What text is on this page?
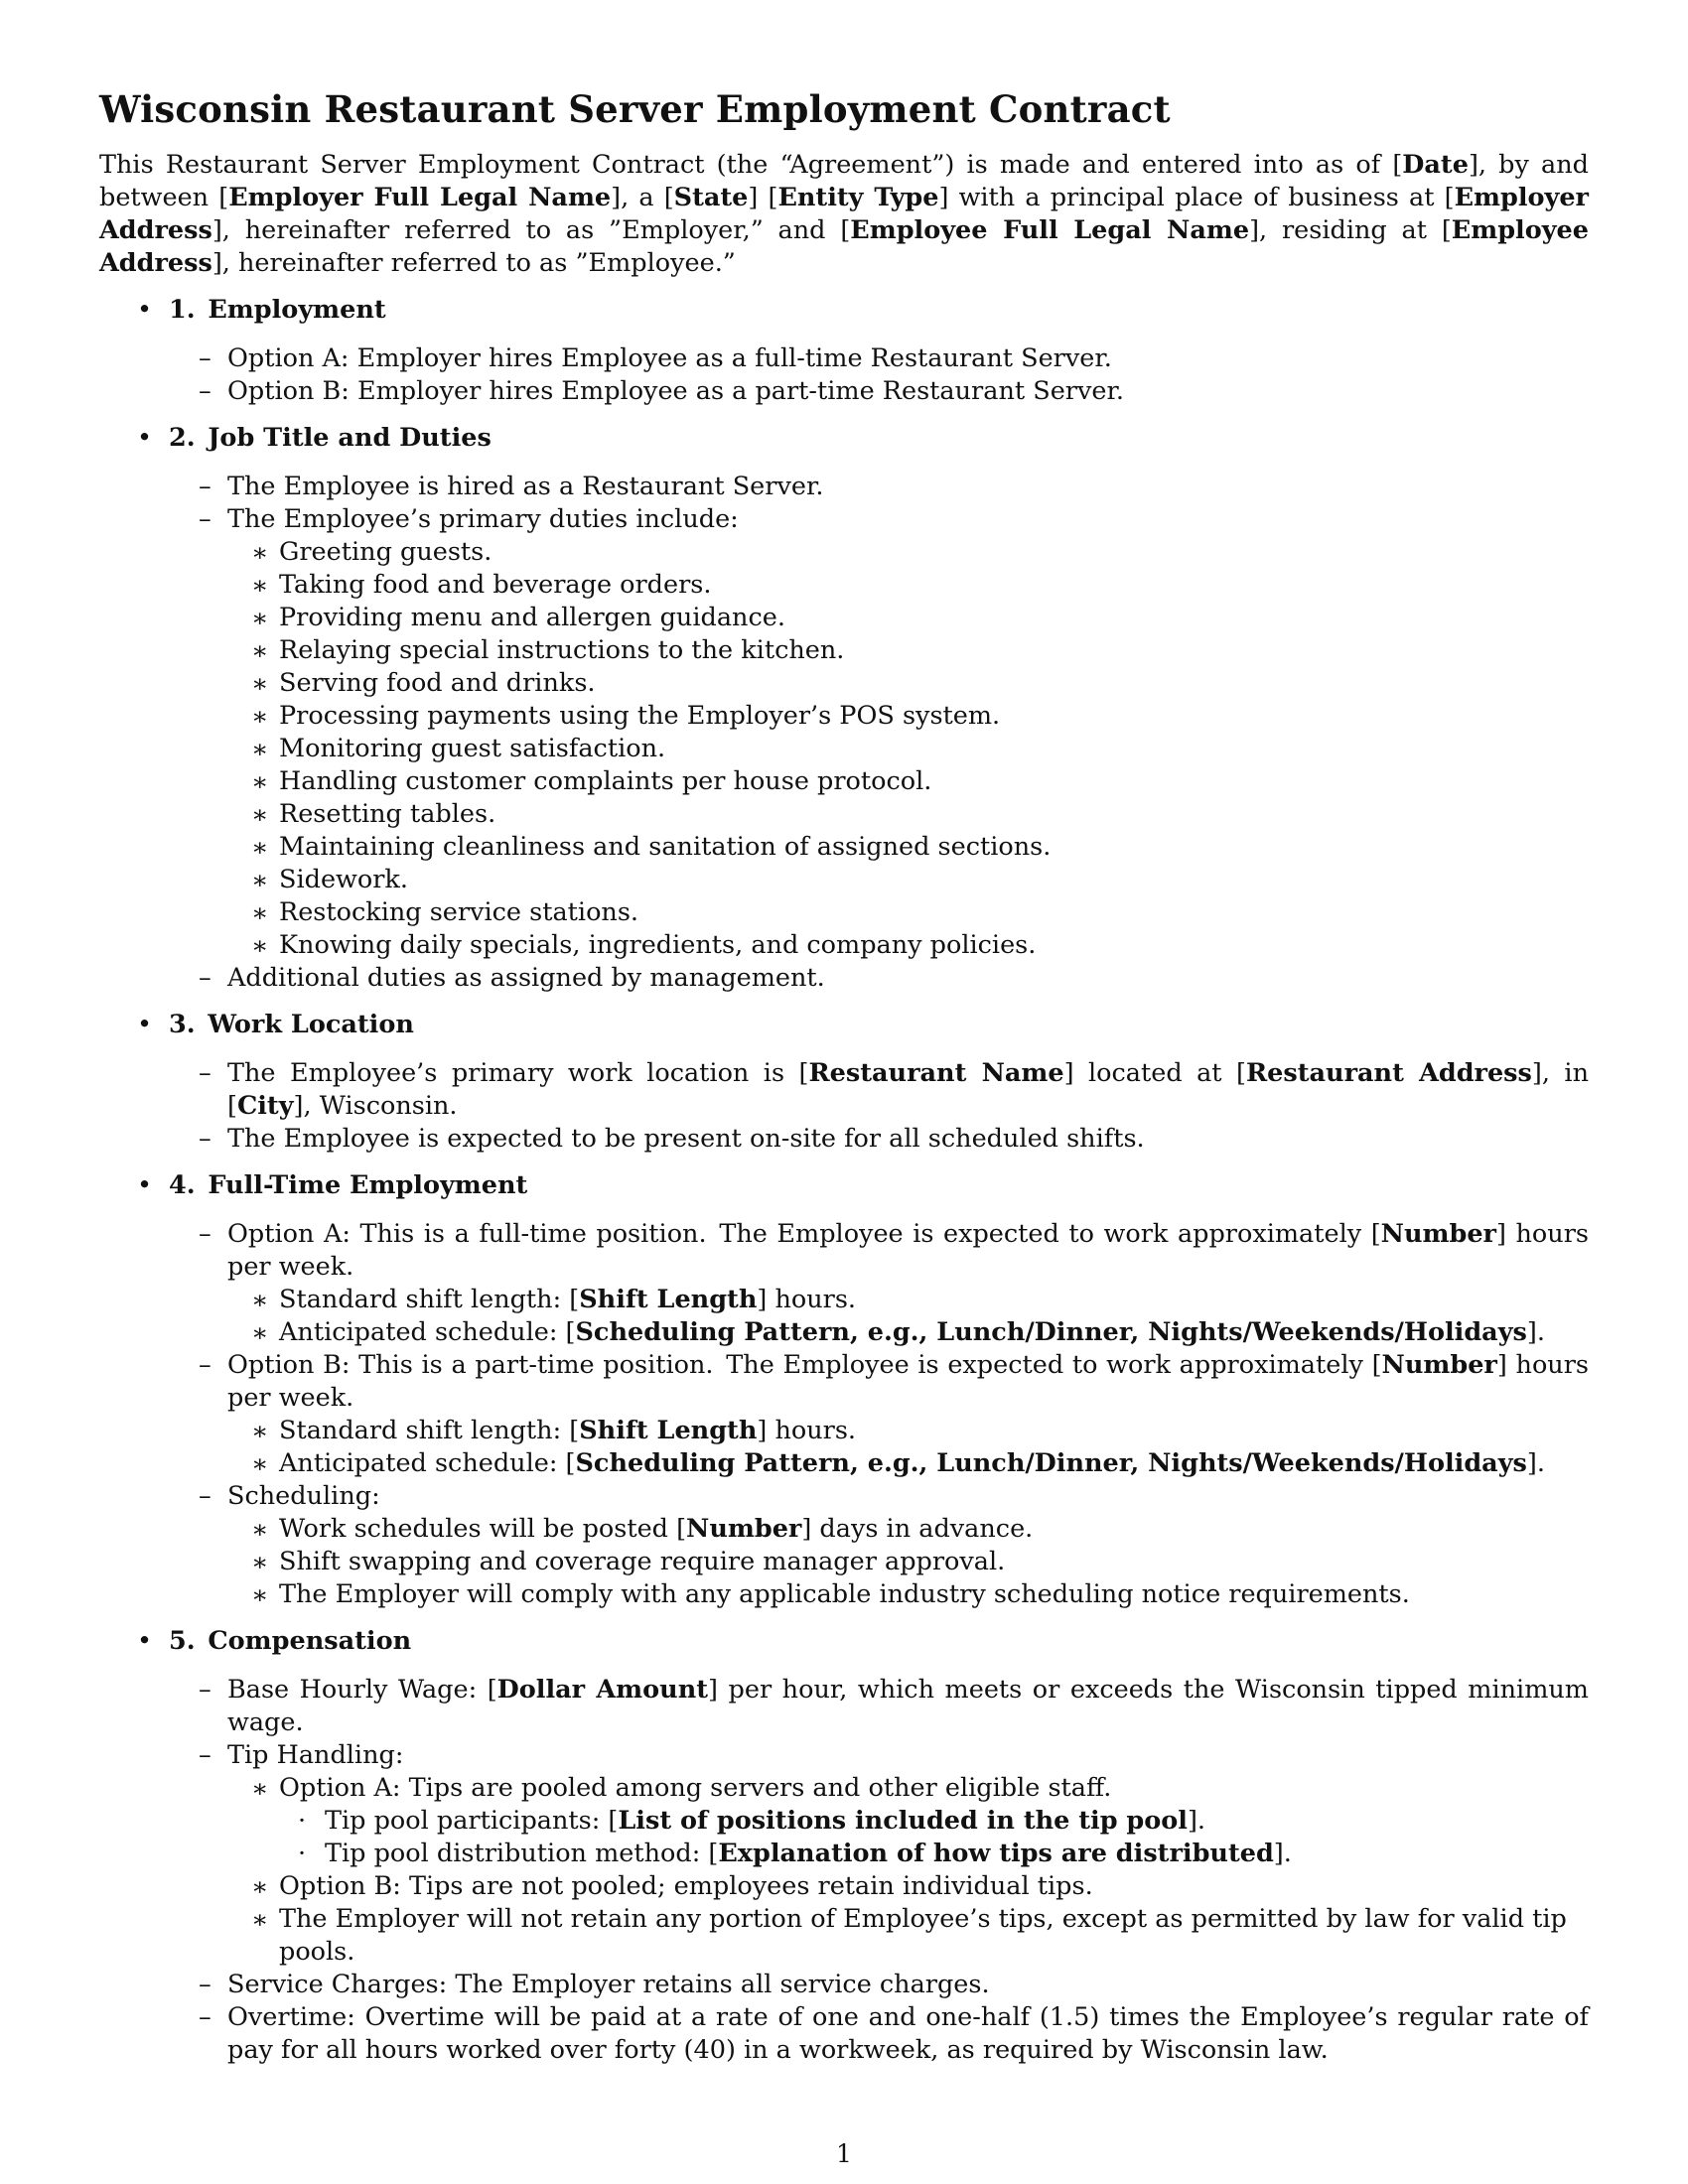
Wisconsin Restaurant Server Employment Contract

This Restaurant Server Employment Contract (the “Agreement”) is made and entered into as of [Date], by and between [Employer Full Legal Name], a [State] [Entity Type] with a principal place of business at [Employer Address], hereinafter referred to as ”Employer,” and [Employee Full Legal Name], residing at [Employee Address], hereinafter referred to as ”Employee.”

• 1. Employment
– Option A: Employer hires Employee as a full-time Restaurant Server.
– Option B: Employer hires Employee as a part-time Restaurant Server.
• 2. Job Title and Duties
– The Employee is hired as a Restaurant Server.
– The Employee’s primary duties include:
∗ Greeting guests.
∗ Taking food and beverage orders.
∗ Providing menu and allergen guidance.
∗ Relaying special instructions to the kitchen.
∗ Serving food and drinks.
∗ Processing payments using the Employer’s POS system.
∗ Monitoring guest satisfaction.
∗ Handling customer complaints per house protocol.
∗ Resetting tables.
∗ Maintaining cleanliness and sanitation of assigned sections.
∗ Sidework.
∗ Restocking service stations.
∗ Knowing daily specials, ingredients, and company policies.
– Additional duties as assigned by management.
• 3. Work Location
– The Employee’s primary work location is [Restaurant Name] located at [Restaurant Address], in [City], Wisconsin.
– The Employee is expected to be present on-site for all scheduled shifts.
• 4. Full-Time Employment
– Option A: This is a full-time position. The Employee is expected to work approximately [Number] hours per week.
∗ Standard shift length: [Shift Length] hours.
∗ Anticipated schedule: [Scheduling Pattern, e.g., Lunch/Dinner, Nights/Weekends/Holidays].
– Option B: This is a part-time position. The Employee is expected to work approximately [Number] hours per week.
∗ Standard shift length: [Shift Length] hours.
∗ Anticipated schedule: [Scheduling Pattern, e.g., Lunch/Dinner, Nights/Weekends/Holidays].
– Scheduling:
∗ Work schedules will be posted [Number] days in advance.
∗ Shift swapping and coverage require manager approval.
∗ The Employer will comply with any applicable industry scheduling notice requirements.
• 5. Compensation
– Base Hourly Wage: [Dollar Amount] per hour, which meets or exceeds the Wisconsin tipped minimum wage.
– Tip Handling:
∗ Option A: Tips are pooled among servers and other eligible staff.
· Tip pool participants: [List of positions included in the tip pool].
· Tip pool distribution method: [Explanation of how tips are distributed].
∗ Option B: Tips are not pooled; employees retain individual tips.
∗ The Employer will not retain any portion of Employee’s tips, except as permitted by law for valid tip pools.
– Service Charges: The Employer retains all service charges.
– Overtime: Overtime will be paid at a rate of one and one-half (1.5) times the Employee’s regular rate of pay for all hours worked over forty (40) in a workweek, as required by Wisconsin law.
1
